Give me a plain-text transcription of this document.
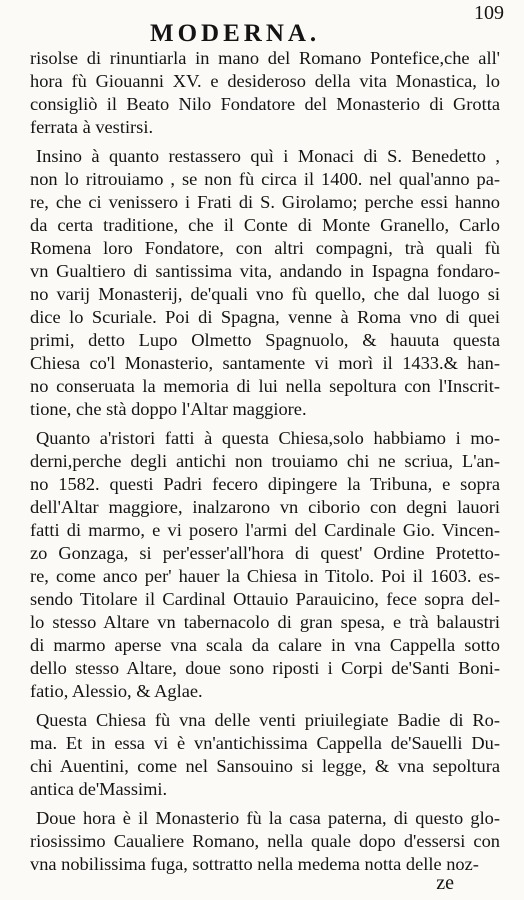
109
MODERNA.
risolse di rinuntiarla in mano del Romano Pontefice,che all'
hora fù Giouanni XV. e desideroso della vita Monastica, lo
consigliò il Beato Nilo Fondatore del Monasterio di Grotta
ferrata à vestirsi.
Insino à quanto restassero quì i Monaci di S. Benedetto ,
non lo ritrouiamo , se non fù circa il 1400. nel qual'anno pa-
re, che ci venissero i Frati di S. Girolamo; perche essi hanno
da certa traditione, che il Conte di Monte Granello, Carlo
Romena loro Fondatore, con altri compagni, trà quali fù
vn Gualtiero di santissima vita, andando in Ispagna fondaro-
no varij Monasterij, de'quali vno fù quello, che dal luogo si
dice lo Scuriale. Poi di Spagna, venne à Roma vno di quei
primi, detto Lupo Olmetto Spagnuolo, & hauuta questa
Chiesa co'l Monasterio, santamente vi morì il 1433.& han-
no conseruata la memoria di lui nella sepoltura con l'Inscrit-
tione, che stà doppo l'Altar maggiore.
Quanto a'ristori fatti à questa Chiesa,solo habbiamo i mo-
derni,perche degli antichi non trouiamo chi ne scriua, L'an-
no 1582. questi Padri fecero dipingere la Tribuna, e sopra
dell'Altar maggiore, inalzarono vn ciborio con degni lauori
fatti di marmo, e vi posero l'armi del Cardinale Gio. Vincen-
zo Gonzaga, si per'esser'all'hora di quest' Ordine Protetto-
re, come anco per' hauer la Chiesa in Titolo. Poi il 1603. es-
sendo Titolare il Cardinal Ottauio Parauicino, fece sopra del-
lo stesso Altare vn tabernacolo di gran spesa, e trà balaustri
di marmo aperse vna scala da calare in vna Cappella sotto
dello stesso Altare, doue sono riposti i Corpi de'Santi Boni-
fatio, Alessio, & Aglae.
Questa Chiesa fù vna delle venti priuilegiate Badie di Ro-
ma. Et in essa vi è vn'antichissima Cappella de'Sauelli Du-
chi Auentini, come nel Sansouino si legge, & vna sepoltura
antica de'Massimi.
Doue hora è il Monasterio fù la casa paterna, di questo glo-
riosissimo Caualiere Romano, nella quale dopo d'essersi con
vna nobilissima fuga, sottratto nella medema notta delle noz-
ze
